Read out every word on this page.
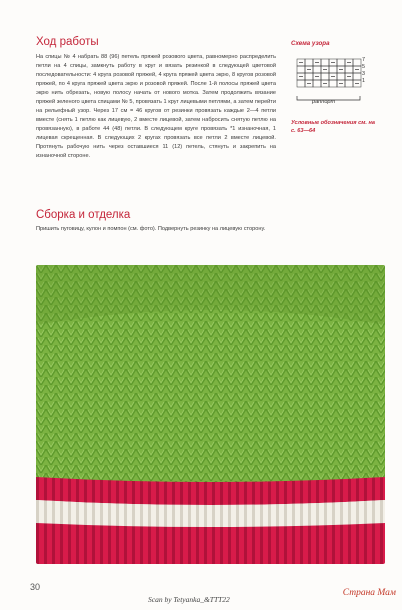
Ход работы
На спицы № 4 набрать 88 (96) петель пряжей розового цвета, равномерно распределить петли на 4 спицы, замкнуть работу в круг и вязать резинкой в следующей цветовой последовательности: 4 круга розовой пряжей, 4 круга пряжей цвета экрю, 8 кругов розовой пряжей, по 4 круга пряжей цвета экрю и розовой пряжей. После 1-й полосы пряжей цвета экрю нить обрезать, новую полосу начать от нового мотка. Затем продолжить вязание пряжей зеленого цвета спицами № 5, провязать 1 круг лицевыми петлями, а затем перейти на рельефный узор. Через 17 см = 46 кругов от резинки провязать каждые 2—4 петли вместе (снять 1 петлю как лицевую, 2 вместе лицевой, затем набросить снятую петлю на провязанную), в работе 44 (48) петли. В следующем круге провязать *1 изнаночная, 1 лицевая скрещенная. В следующих 2 кругах провязать все петли 2 вместе лицевой. Протянуть рабочую нить через оставшиеся 11 (12) петель, стянуть и закрепить на изнаночной стороне.
Сборка и отделка
Пришить пуговицу, кулон и помпон (см. фото). Подвернуть резинку на лицевую сторону.
Схема узора
7
5
3
1
раппорт
Условные обозначения см. на с. 63—64
30
Scan by Tetyanka_&TTT22
Страна Мам
